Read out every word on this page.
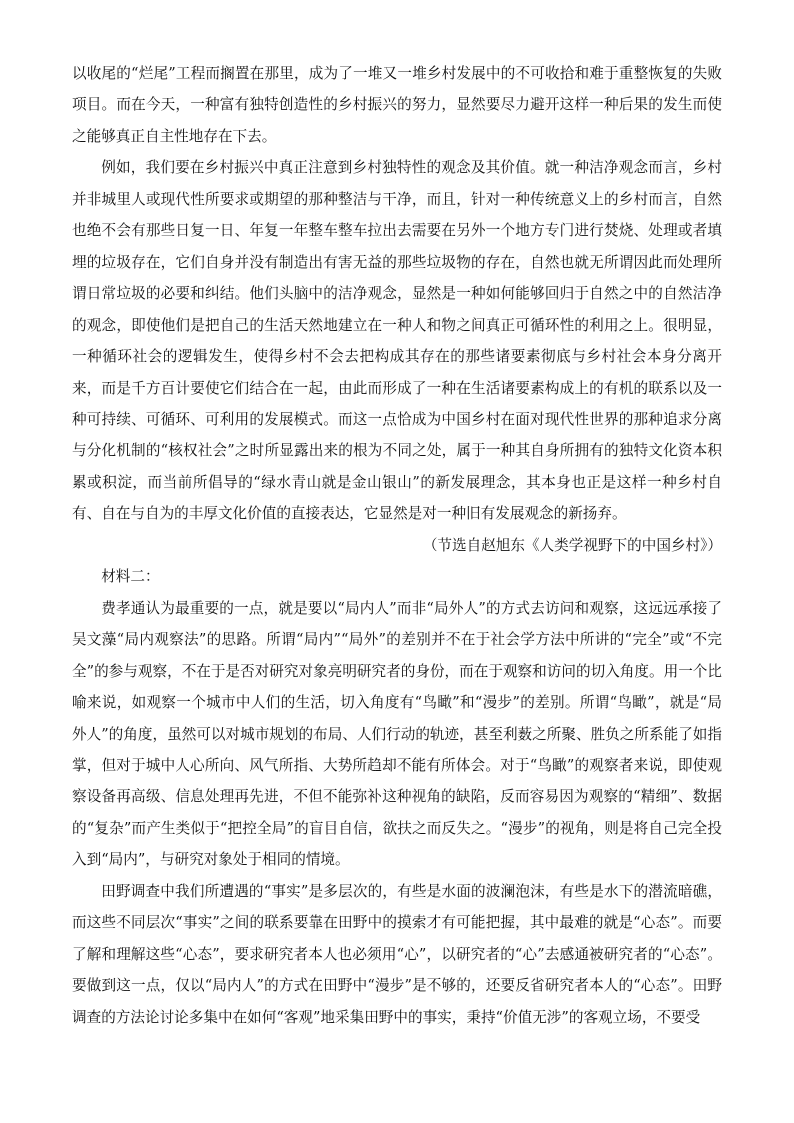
以收尾的“烂尾”工程而搁置在那里，成为了一堆又一堆乡村发展中的不可收拾和难于重整恢复的失败项目。而在今天，一种富有独特创造性的乡村振兴的努力，显然要尽力避开这样一种后果的发生而使之能够真正自主性地存在下去。

例如，我们要在乡村振兴中真正注意到乡村独特性的观念及其价值。就一种洁净观念而言，乡村并非城里人或现代性所要求或期望的那种整洁与干净，而且，针对一种传统意义上的乡村而言，自然也绝不会有那些日复一日、年复一年整车整车拉出去需要在另外一个地方专门进行焚烧、处理或者填埋的垃圾存在，它们自身并没有制造出有害无益的那些垃圾物的存在，自然也就无所谓因此而处理所谓日常垃圾的必要和纠结。他们头脑中的洁净观念，显然是一种如何能够回归于自然之中的自然洁净的观念，即使他们是把自己的生活天然地建立在一种人和物之间真正可循环性的利用之上。很明显，一种循环社会的逻辑发生，使得乡村不会去把构成其存在的那些诸要素彻底与乡村社会本身分离开来，而是千方百计要使它们结合在一起，由此而形成了一种在生活诸要素构成上的有机的联系以及一种可持续、可循环、可利用的发展模式。而这一点恰成为中国乡村在面对现代性世界的那种追求分离与分化机制的“核权社会”之时所显露出来的根为不同之处，属于一种其自身所拥有的独特文化资本积累或积淀，而当前所倡导的“绿水青山就是金山银山”的新发展理念，其本身也正是这样一种乡村自有、自在与自为的丰厚文化价值的直接表达，它显然是对一种旧有发展观念的新扬弃。

（节选自赵旭东《人类学视野下的中国乡村》）

材料二：

费孝通认为最重要的一点，就是要以“局内人”而非“局外人”的方式去访问和观察，这远远承接了吴文藻“局内观察法”的思路。所谓“局内”“局外”的差别并不在于社会学方法中所讲的“完全”或“不完全”的参与观察，不在于是否对研究对象亮明研究者的身份，而在于观察和访问的切入角度。用一个比喻来说，如观察一个城市中人们的生活，切入角度有“鸟瞰”和“漫步”的差别。所谓“鸟瞰”，就是“局外人”的角度，虽然可以对城市规划的布局、人们行动的轨迹，甚至利薮之所聚、胜负之所系能了如指掌，但对于城中人心所向、风气所指、大势所趋却不能有所体会。对于“鸟瞰”的观察者来说，即使观察设备再高级、信息处理再先进，不但不能弥补这种视角的缺陷，反而容易因为观察的“精细”、数据的“复杂”而产生类似于“把控全局”的盲目自信，欲扶之而反失之。“漫步”的视角，则是将自己完全投入到“局内”，与研究对象处于相同的情境。

田野调查中我们所遭遇的“事实”是多层次的，有些是水面的波澜泡沫，有些是水下的潜流暗礁，而这些不同层次“事实”之间的联系要靠在田野中的摸索才有可能把握，其中最难的就是“心态”。而要了解和理解这些“心态”，要求研究者本人也必须用“心”，以研究者的“心”去感通被研究者的“心态”。要做到这一点，仅以“局内人”的方式在田野中“漫步”是不够的，还要反省研究者本人的“心态”。田野调查的方法论讨论多集中在如何“客观”地采集田野中的事实，秉持“价值无涉”的客观立场，不要受
